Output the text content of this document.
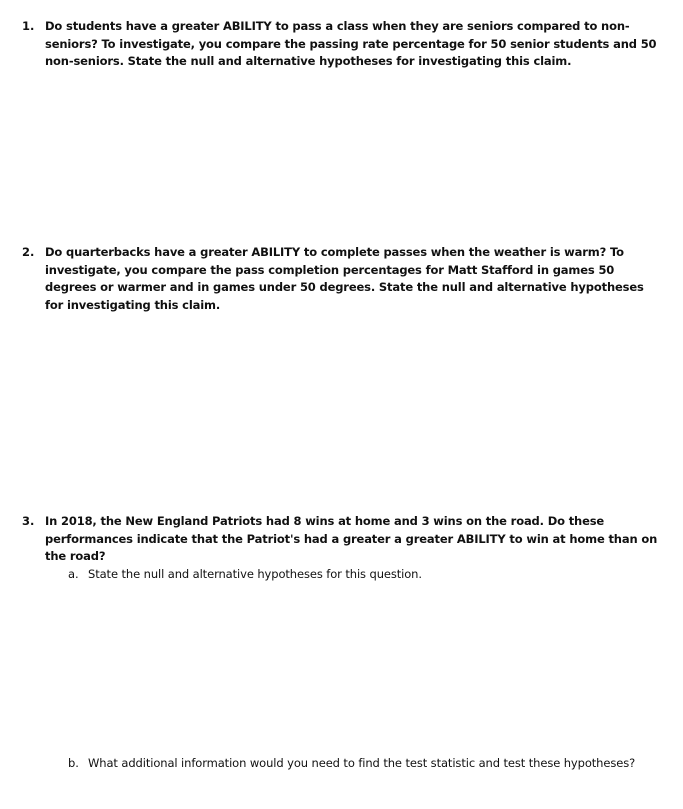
1. Do students have a greater ABILITY to pass a class when they are seniors compared to non-seniors? To investigate, you compare the passing rate percentage for 50 senior students and 50 non-seniors. State the null and alternative hypotheses for investigating this claim.
2. Do quarterbacks have a greater ABILITY to complete passes when the weather is warm? To investigate, you compare the pass completion percentages for Matt Stafford in games 50 degrees or warmer and in games under 50 degrees. State the null and alternative hypotheses for investigating this claim.
3. In 2018, the New England Patriots had 8 wins at home and 3 wins on the road. Do these performances indicate that the Patriot's had a greater a greater ABILITY to win at home than on the road?
a. State the null and alternative hypotheses for this question.
b. What additional information would you need to find the test statistic and test these hypotheses?
